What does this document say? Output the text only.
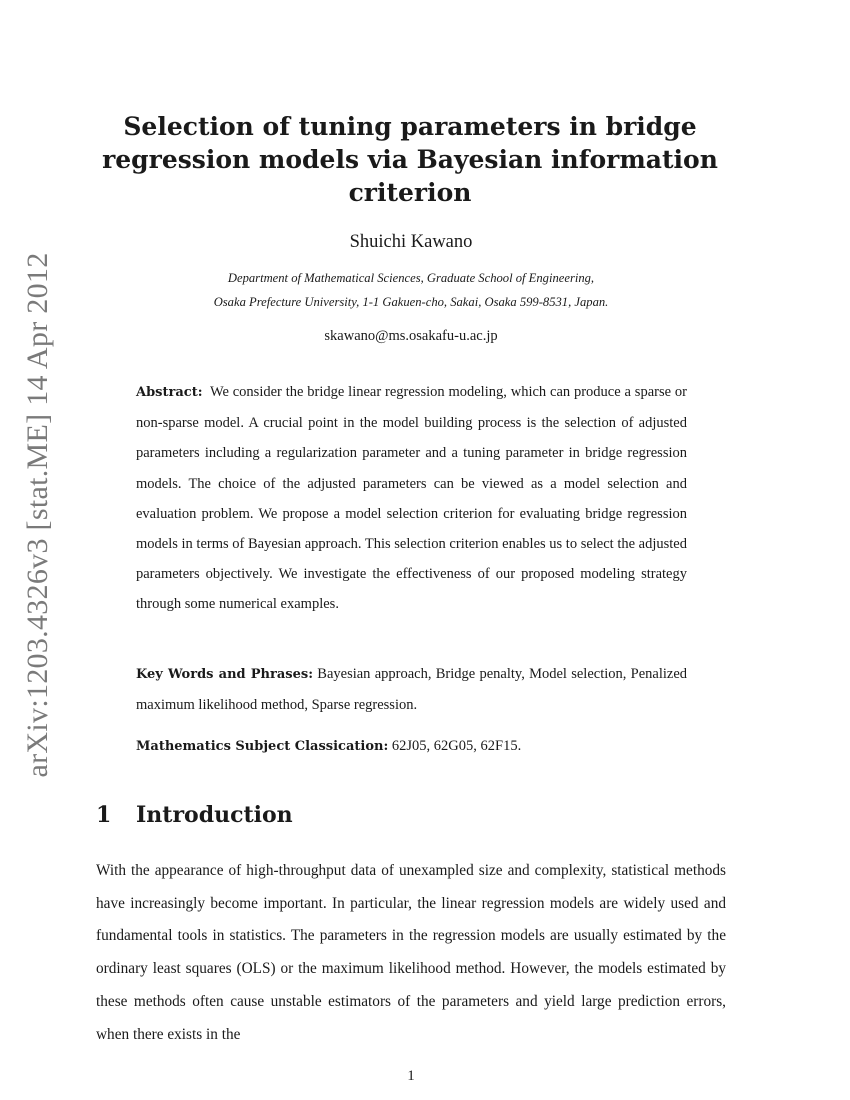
arXiv:1203.4326v3 [stat.ME] 14 Apr 2012
Selection of tuning parameters in bridge regression models via Bayesian information criterion
Shuichi Kawano
Department of Mathematical Sciences, Graduate School of Engineering,
Osaka Prefecture University, 1-1 Gakuen-cho, Sakai, Osaka 599-8531, Japan.
skawano@ms.osakafu-u.ac.jp

Abstract: We consider the bridge linear regression modeling, which can produce a sparse or non-sparse model. A crucial point in the model building process is the selection of adjusted parameters including a regularization parameter and a tuning parameter in bridge regression models. The choice of the adjusted parameters can be viewed as a model selection and evaluation problem. We propose a model selection criterion for evaluating bridge regression models in terms of Bayesian approach. This selection criterion enables us to select the adjusted parameters objectively. We investigate the effectiveness of our proposed modeling strategy through some numerical examples.

Key Words and Phrases: Bayesian approach, Bridge penalty, Model selection, Penalized maximum likelihood method, Sparse regression.

Mathematics Subject Classication: 62J05, 62G05, 62F15.

1 Introduction

With the appearance of high-throughput data of unexampled size and complexity, statistical methods have increasingly become important. In particular, the linear regression models are widely used and fundamental tools in statistics. The parameters in the regression models are usually estimated by the ordinary least squares (OLS) or the maximum likelihood method. However, the models estimated by these methods often cause unstable estimators of the parameters and yield large prediction errors, when there exists in the

1
